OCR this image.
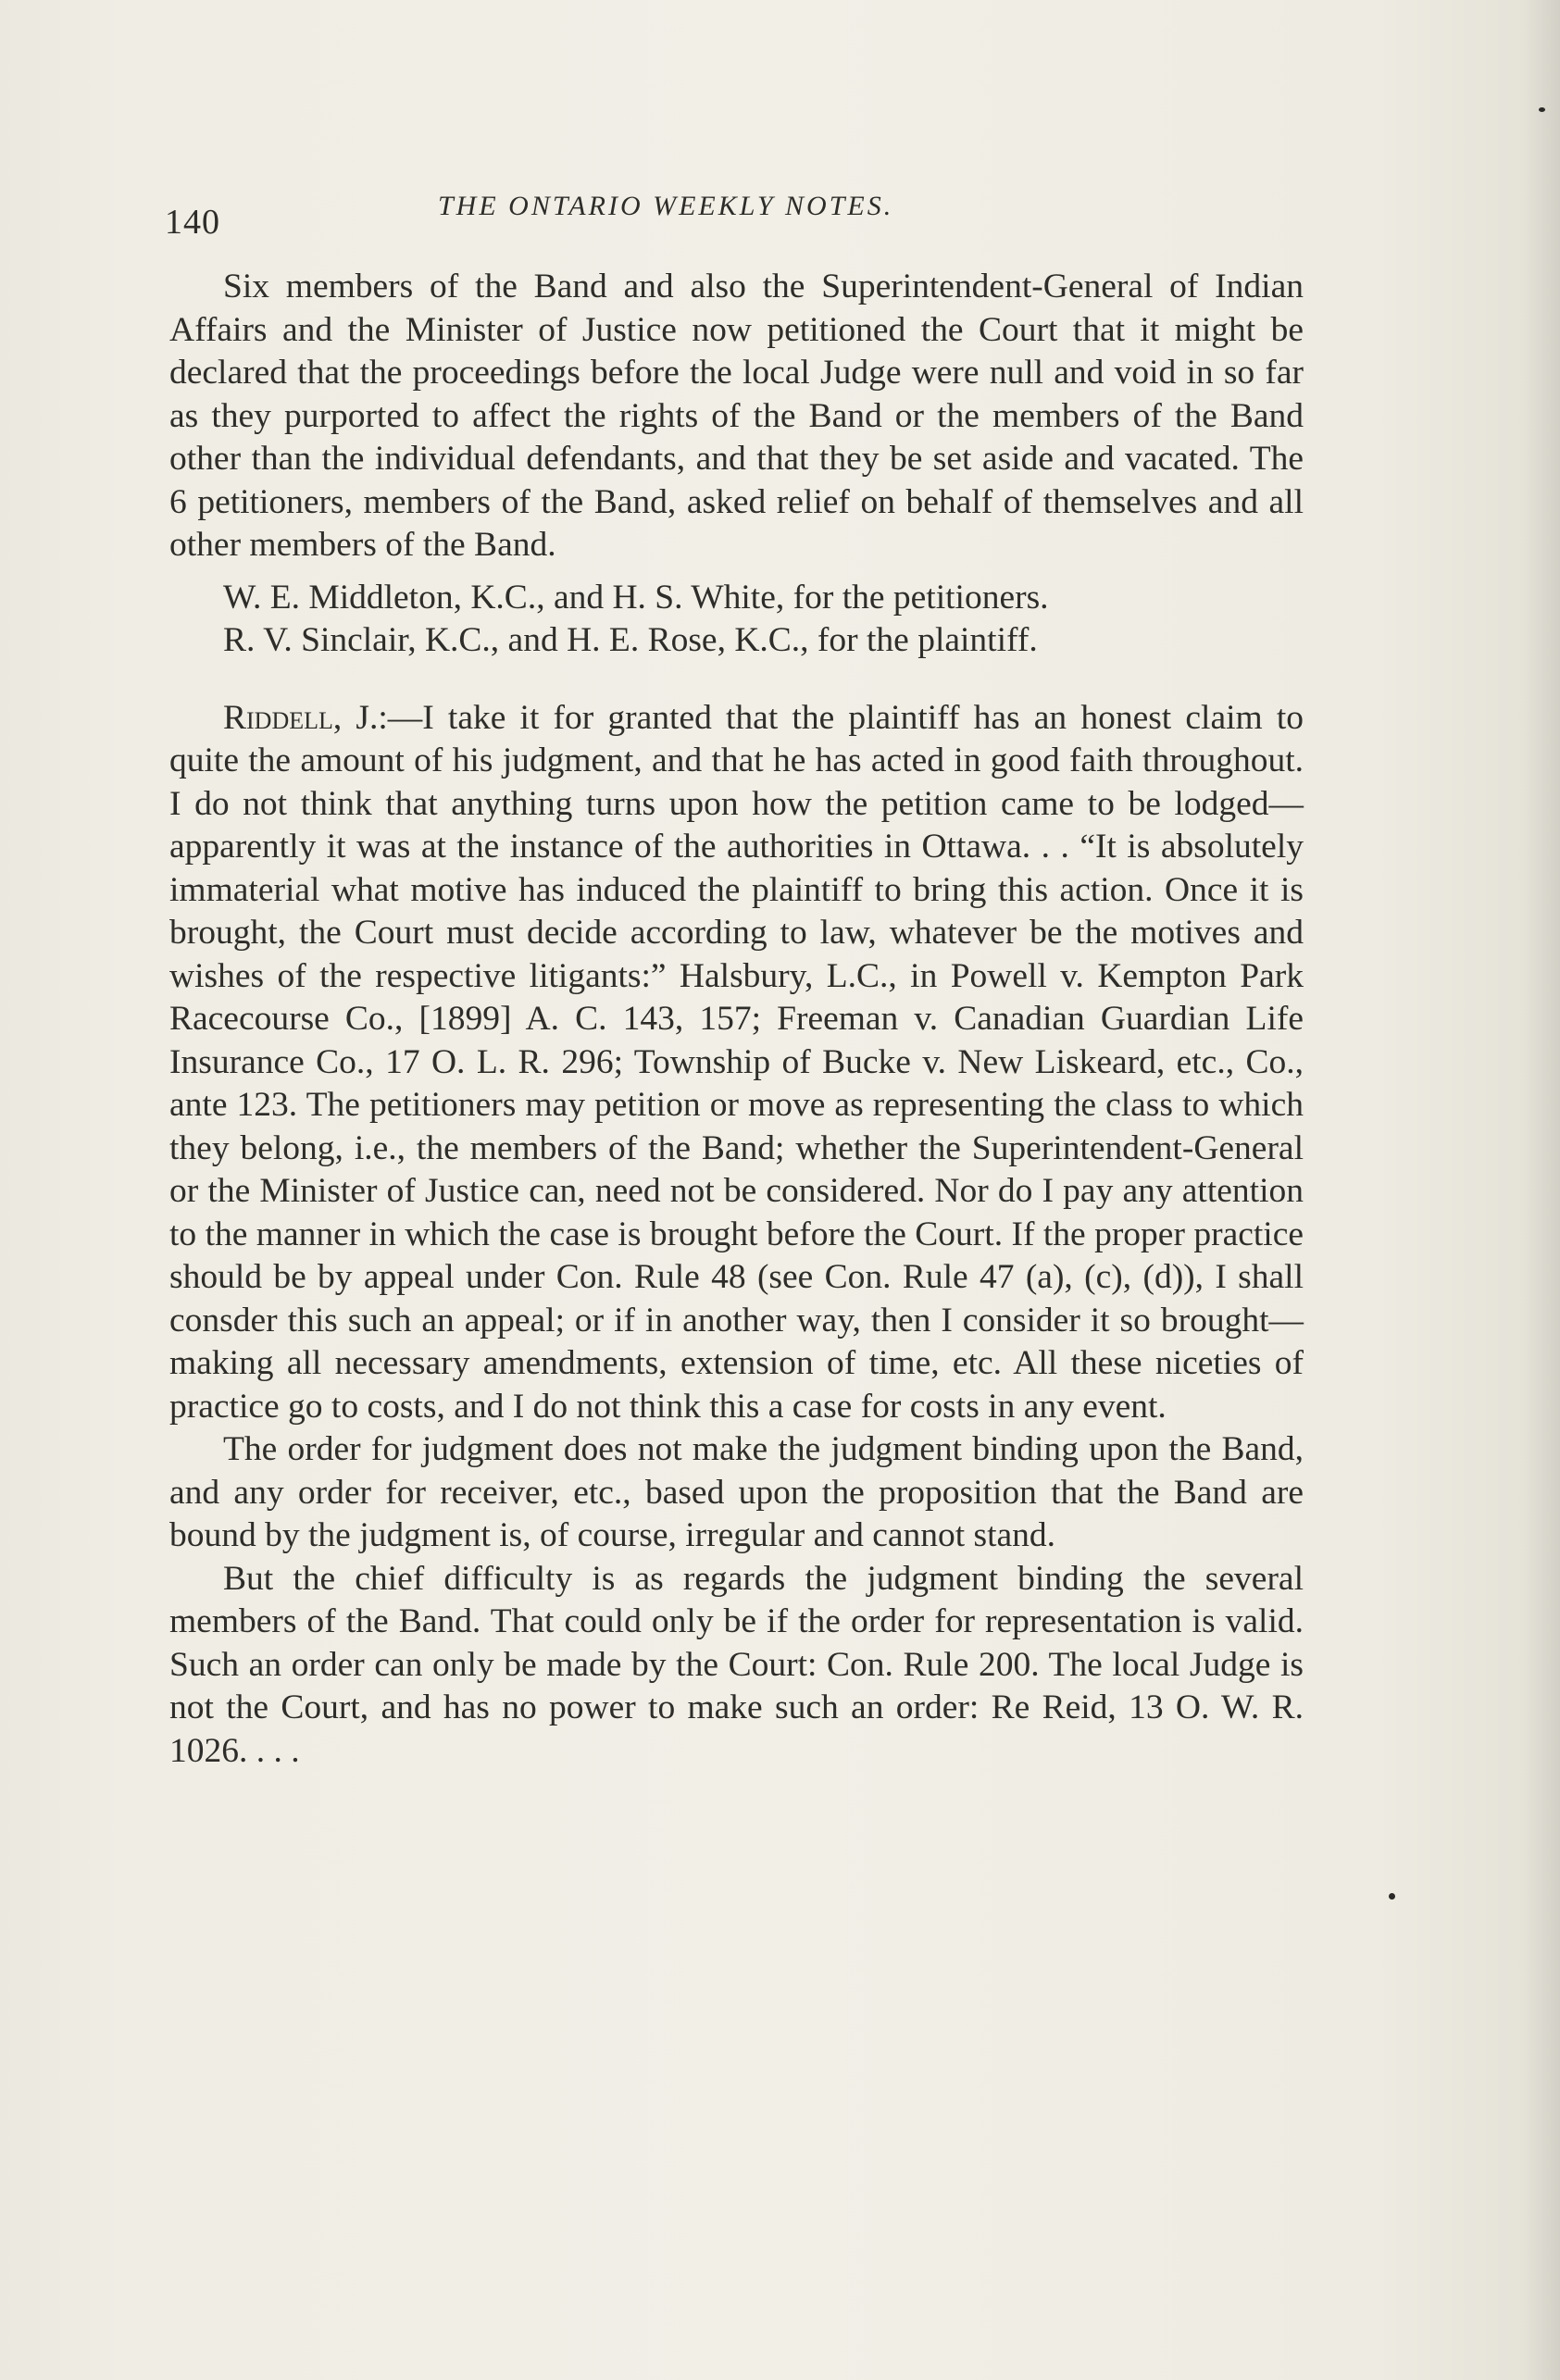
140	THE ONTARIO WEEKLY NOTES.

Six members of the Band and also the Superintendent-General of Indian Affairs and the Minister of Justice now petitioned the Court that it might be declared that the proceedings before the local Judge were null and void in so far as they purported to affect the rights of the Band or the members of the Band other than the individual defendants, and that they be set aside and vacated. The 6 petitioners, members of the Band, asked relief on behalf of themselves and all other members of the Band.

W. E. Middleton, K.C., and H. S. White, for the petitioners.

R. V. Sinclair, K.C., and H. E. Rose, K.C., for the plaintiff.

Riddell, J.:—I take it for granted that the plaintiff has an honest claim to quite the amount of his judgment, and that he has acted in good faith throughout. I do not think that anything turns upon how the petition came to be lodged—apparently it was at the instance of the authorities in Ottawa. . . “It is absolutely immaterial what motive has induced the plaintiff to bring this action. Once it is brought, the Court must decide according to law, whatever be the motives and wishes of the respective litigants:” Halsbury, L.C., in Powell v. Kempton Park Racecourse Co., [1899] A. C. 143, 157; Freeman v. Canadian Guardian Life Insurance Co., 17 O. L. R. 296; Township of Bucke v. New Liskeard, etc., Co., ante 123. The petitioners may petition or move as representing the class to which they belong, i.e., the members of the Band; whether the Superintendent-General or the Minister of Justice can, need not be considered. Nor do I pay any attention to the manner in which the case is brought before the Court. If the proper practice should be by appeal under Con. Rule 48 (see Con. Rule 47 (a), (c), (d)), I shall consder this such an appeal; or if in another way, then I consider it so brought—making all necessary amendments, extension of time, etc. All these niceties of practice go to costs, and I do not think this a case for costs in any event.

The order for judgment does not make the judgment binding upon the Band, and any order for receiver, etc., based upon the proposition that the Band are bound by the judgment is, of course, irregular and cannot stand.

But the chief difficulty is as regards the judgment binding the several members of the Band. That could only be if the order for representation is valid. Such an order can only be made by the Court: Con. Rule 200. The local Judge is not the Court, and has no power to make such an order: Re Reid, 13 O. W. R. 1026. . . .
